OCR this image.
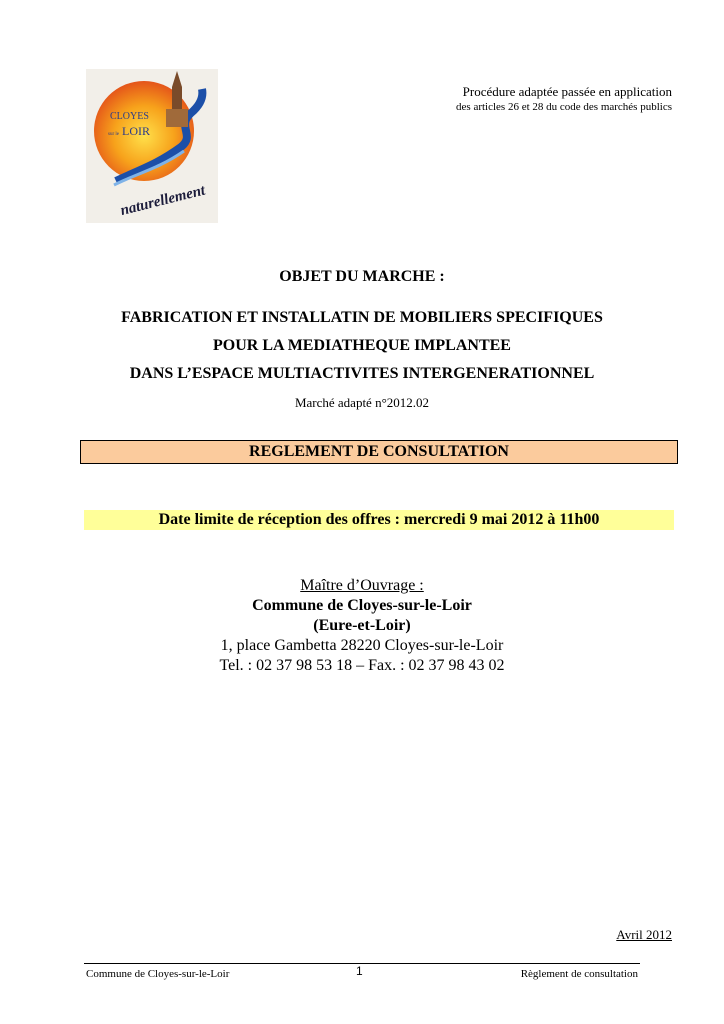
CLOYES
sur le LOIR
naturellement
Procédure adaptée passée en application
des articles 26 et 28 du code des marchés publics
OBJET DU MARCHE :
FABRICATION ET INSTALLATIN DE MOBILIERS SPECIFIQUES
POUR LA MEDIATHEQUE IMPLANTEE
DANS L’ESPACE MULTIACTIVITES INTERGENERATIONNEL
Marché adapté n°2012.02
REGLEMENT DE CONSULTATION
Date limite de réception des offres : mercredi 9 mai 2012 à 11h00
Maître d’Ouvrage :
Commune de Cloyes-sur-le-Loir
(Eure-et-Loir)
1, place Gambetta 28220 Cloyes-sur-le-Loir
Tel. : 02 37 98 53 18 – Fax. : 02 37 98 43 02
Avril 2012
Commune de Cloyes-sur-le-Loir	1	Règlement de consultation
